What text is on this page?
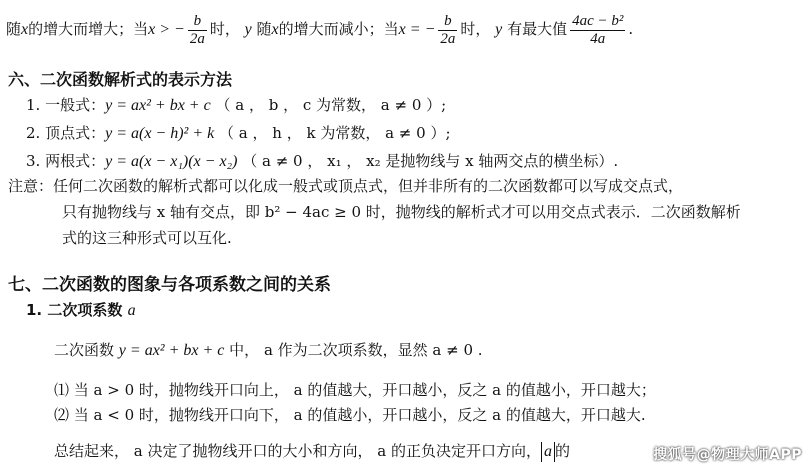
随x的增大而增大；当x > − $\frac{b}{2a}$ 时， y 随x的增大而减小；当x = − $\frac{b}{2a}$ 时， y 有最大值 $\frac{\text{4ac − b²}}{4a}$ .
六、二次函数解析式的表示方法
1. 一般式：y = ax² + bx + c （ a ， b ， c 为常数， a ≠ 0 ）;
2. 顶点式：y = a(x − h)² + k （ a ， h ， k 为常数， a ≠ 0 ）;
3. 两根式：y = a(x − x₁)(x − x₂) （ a ≠ 0 ， x₁ ， x₂ 是抛物线与 x 轴两交点的横坐标）.
注意：任何二次函数的解析式都可以化成一般式或顶点式，但并非所有的二次函数都可以写成交点式，
只有抛物线与 x 轴有交点，即 b² − 4ac ≥ 0 时，抛物线的解析式才可以用交点式表示．二次函数解析
式的这三种形式可以互化.
七、二次函数的图象与各项系数之间的关系
1. 二次项系数 a
二次函数 y = ax² + bx + c 中， a 作为二次项系数，显然 a ≠ 0 .
⑴ 当 a > 0 时，抛物线开口向上， a 的值越大，开口越小，反之 a 的值越小，开口越大；
⑵ 当 a < 0 时，抛物线开口向下， a 的值越小，开口越小，反之 a 的值越大，开口越大.
总结起来， a 决定了抛物线开口的大小和方向， a 的正负决定开口方向， a 的	搜狐号@物理大师APP
